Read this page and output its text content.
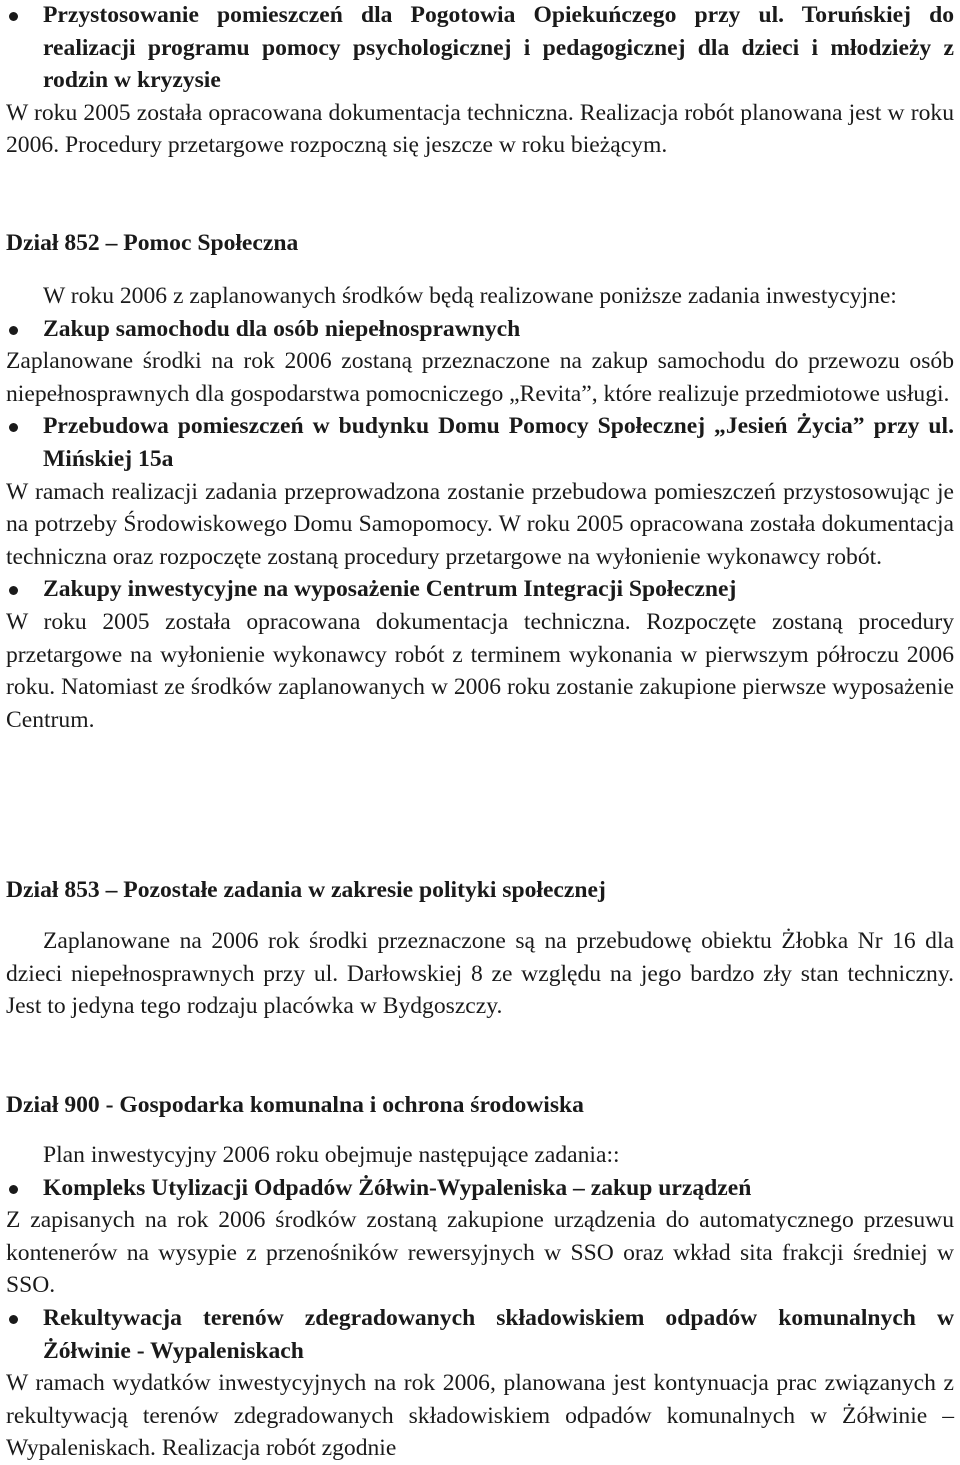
Przystosowanie pomieszczeń dla Pogotowia Opiekuńczego przy ul. Toruńskiej do realizacji programu pomocy psychologicznej i pedagogicznej dla dzieci i młodzieży z rodzin w kryzysie

W roku 2005 została opracowana dokumentacja techniczna. Realizacja robót planowana jest w roku 2006. Procedury przetargowe rozpoczną się jeszcze w roku bieżącym.

Dział 852 – Pomoc Społeczna

W roku 2006 z zaplanowanych środków będą realizowane poniższe zadania inwestycyjne:

Zakup samochodu dla osób niepełnosprawnych

Zaplanowane środki na rok 2006 zostaną przeznaczone na zakup samochodu do przewozu osób niepełnosprawnych dla gospodarstwa pomocniczego „Revita”, które realizuje przedmiotowe usługi.

Przebudowa pomieszczeń w budynku Domu Pomocy Społecznej „Jesień Życia” przy ul. Mińskiej 15a

W ramach realizacji zadania przeprowadzona zostanie przebudowa pomieszczeń przystosowując je na potrzeby Środowiskowego Domu Samopomocy. W roku 2005 opracowana została dokumentacja techniczna oraz rozpoczęte zostaną procedury przetargowe na wyłonienie wykonawcy robót.

Zakupy inwestycyjne na wyposażenie Centrum Integracji Społecznej

W roku 2005 została opracowana dokumentacja techniczna. Rozpoczęte zostaną procedury przetargowe na wyłonienie wykonawcy robót z terminem wykonania w pierwszym półroczu 2006 roku. Natomiast ze środków zaplanowanych w 2006 roku zostanie zakupione pierwsze wyposażenie Centrum.

Dział 853 – Pozostałe zadania w zakresie polityki społecznej

Zaplanowane na 2006 rok środki przeznaczone są na przebudowę obiektu Żłobka Nr 16 dla dzieci niepełnosprawnych przy ul. Darłowskiej 8 ze względu na jego bardzo zły stan techniczny. Jest to jedyna tego rodzaju placówka w Bydgoszczy.

Dział 900 - Gospodarka komunalna i ochrona środowiska

Plan inwestycyjny 2006 roku obejmuje następujące zadania::

Kompleks Utylizacji Odpadów Żółwin-Wypaleniska – zakup urządzeń

Z zapisanych na rok 2006 środków zostaną zakupione urządzenia do automatycznego przesuwu kontenerów na wysypie z przenośników rewersyjnych w SSO oraz wkład sita frakcji średniej w SSO.

Rekultywacja terenów zdegradowanych składowiskiem odpadów komunalnych w Żółwinie - Wypaleniskach

W ramach wydatków inwestycyjnych na rok 2006, planowana jest kontynuacja prac związanych z rekultywacją terenów zdegradowanych składowiskiem odpadów komunalnych w Żółwinie – Wypaleniskach. Realizacja robót zgodnie
